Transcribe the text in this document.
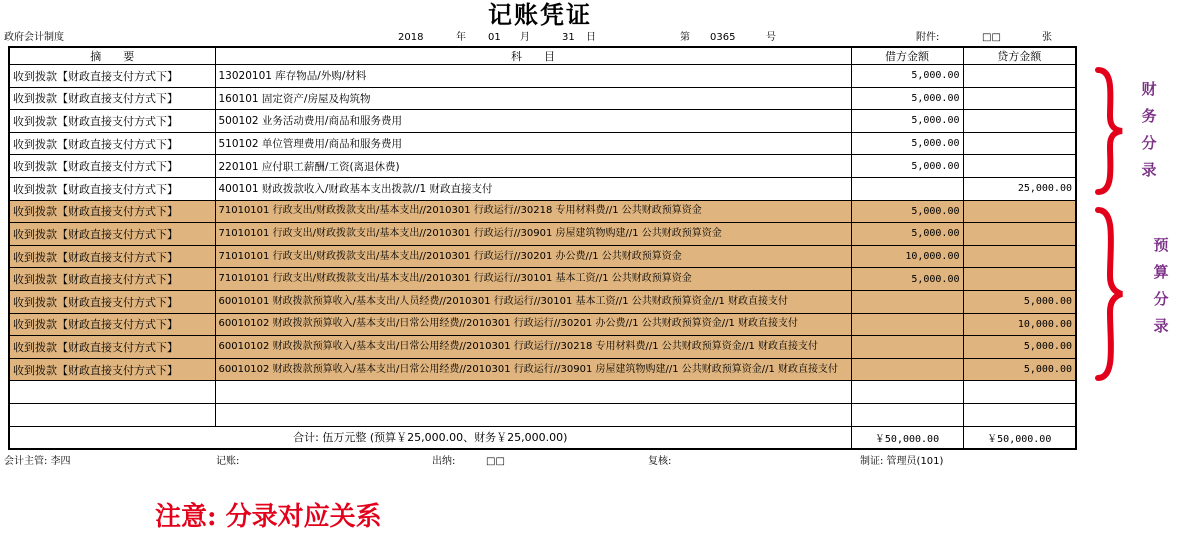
记账凭证
政府会计制度	2018	年 01 月	31 日	第 0365	号	附件:	□□	张
摘　　要	科　　目	借方金额	贷方金额
收到拨款【财政直接支付方式下】	13020101 库存物品/外购/材料	5,000.00	
收到拨款【财政直接支付方式下】	160101 固定资产/房屋及构筑物	5,000.00	
收到拨款【财政直接支付方式下】	500102 业务活动费用/商品和服务费用	5,000.00	
收到拨款【财政直接支付方式下】	510102 单位管理费用/商品和服务费用	5,000.00	
收到拨款【财政直接支付方式下】	220101 应付职工薪酬/工资(离退休费)	5,000.00	
收到拨款【财政直接支付方式下】	400101 财政拨款收入/财政基本支出拨款//1 财政直接支付		25,000.00
收到拨款【财政直接支付方式下】	71010101 行政支出/财政拨款支出/基本支出//2010301 行政运行//30218 专用材料费//1 公共财政预算资金	5,000.00	
收到拨款【财政直接支付方式下】	71010101 行政支出/财政拨款支出/基本支出//2010301 行政运行//30901 房屋建筑物购建//1 公共财政预算资金	5,000.00	
收到拨款【财政直接支付方式下】	71010101 行政支出/财政拨款支出/基本支出//2010301 行政运行//30201 办公费//1 公共财政预算资金	10,000.00	
收到拨款【财政直接支付方式下】	71010101 行政支出/财政拨款支出/基本支出//2010301 行政运行//30101 基本工资//1 公共财政预算资金	5,000.00	
收到拨款【财政直接支付方式下】	60010101 财政拨款预算收入/基本支出/人员经费//2010301 行政运行//30101 基本工资//1 公共财政预算资金//1 财政直接支付		5,000.00
收到拨款【财政直接支付方式下】	60010102 财政拨款预算收入/基本支出/日常公用经费//2010301 行政运行//30201 办公费//1 公共财政预算资金//1 财政直接支付		10,000.00
收到拨款【财政直接支付方式下】	60010102 财政拨款预算收入/基本支出/日常公用经费//2010301 行政运行//30218 专用材料费//1 公共财政预算资金//1 财政直接支付		5,000.00
收到拨款【财政直接支付方式下】	60010102 财政拨款预算收入/基本支出/日常公用经费//2010301 行政运行//30901 房屋建筑物购建//1 公共财政预算资金//1 财政直接支付		5,000.00

合计: 伍万元整 (预算￥25,000.00、财务￥25,000.00)		￥50,000.00	￥50,000.00
会计主管: 李四	记账:	出纳:	□□	复核:	制证: 管理员(101)
财务分录
预算分录
注意: 分录对应关系
